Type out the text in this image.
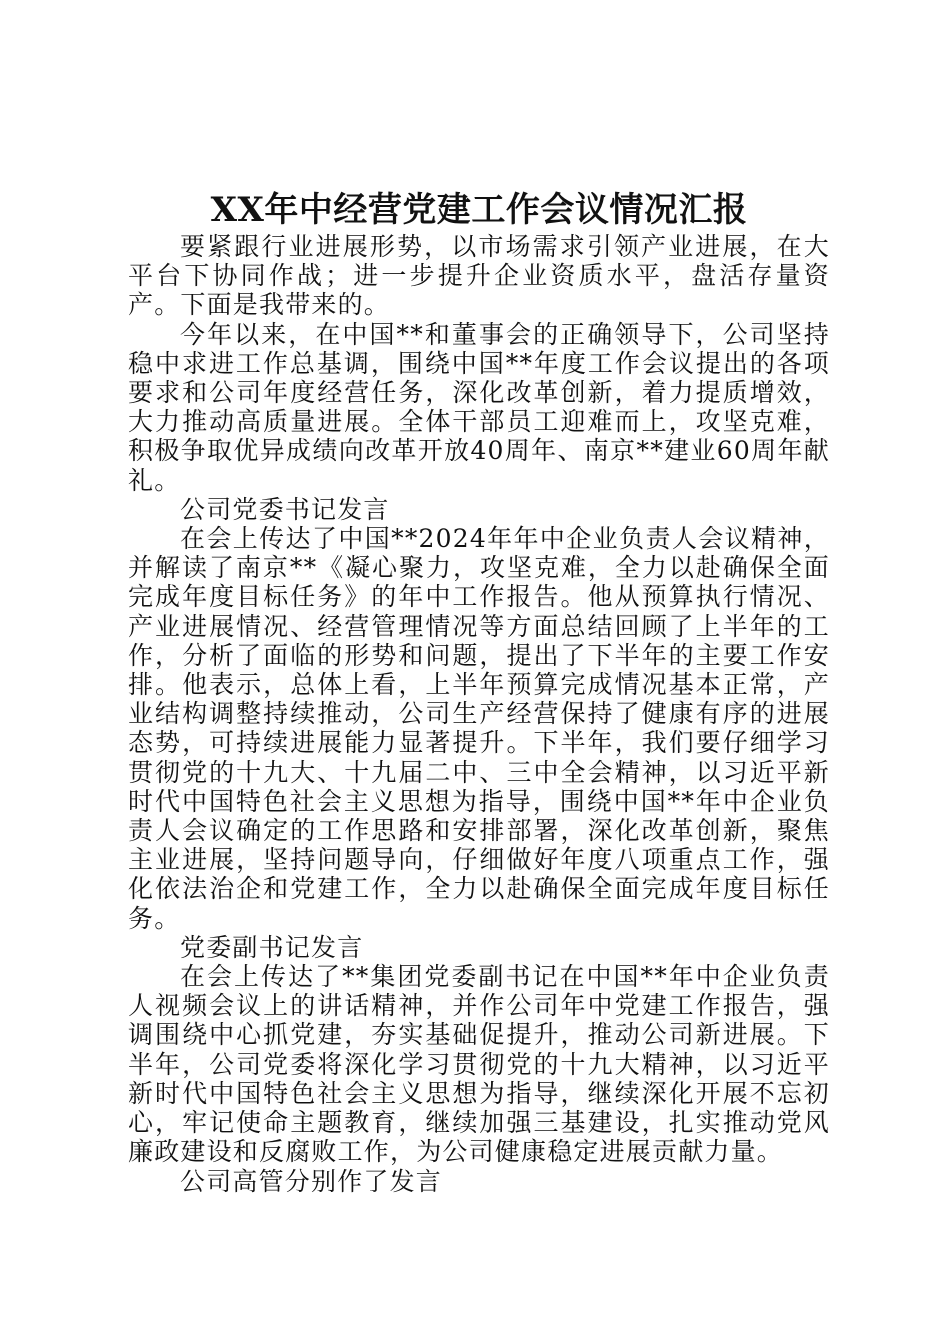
XX年中经营党建工作会议情况汇报

要紧跟行业进展形势，以市场需求引领产业进展，在大平台下协同作战；进一步提升企业资质水平，盘活存量资产。下面是我带来的。

今年以来，在中国**和董事会的正确领导下，公司坚持稳中求进工作总基调，围绕中国**年度工作会议提出的各项要求和公司年度经营任务，深化改革创新，着力提质增效，大力推动高质量进展。全体干部员工迎难而上，攻坚克难，积极争取优异成绩向改革开放40周年、南京**建业60周年献礼。

公司党委书记发言

在会上传达了中国**2024年年中企业负责人会议精神，并解读了南京**《凝心聚力，攻坚克难，全力以赴确保全面完成年度目标任务》的年中工作报告。他从预算执行情况、产业进展情况、经营管理情况等方面总结回顾了上半年的工作，分析了面临的形势和问题，提出了下半年的主要工作安排。他表示，总体上看，上半年预算完成情况基本正常，产业结构调整持续推动，公司生产经营保持了健康有序的进展态势，可持续进展能力显著提升。下半年，我们要仔细学习贯彻党的十九大、十九届二中、三中全会精神，以习近平新时代中国特色社会主义思想为指导，围绕中国**年中企业负责人会议确定的工作思路和安排部署，深化改革创新，聚焦主业进展，坚持问题导向，仔细做好年度八项重点工作，强化依法治企和党建工作，全力以赴确保全面完成年度目标任务。

党委副书记发言

在会上传达了**集团党委副书记在中国**年中企业负责人视频会议上的讲话精神，并作公司年中党建工作报告，强调围绕中心抓党建，夯实基础促提升，推动公司新进展。下半年，公司党委将深化学习贯彻党的十九大精神，以习近平新时代中国特色社会主义思想为指导，继续深化开展不忘初心，牢记使命主题教育，继续加强三基建设，扎实推动党风廉政建设和反腐败工作，为公司健康稳定进展贡献力量。

公司高管分别作了发言
